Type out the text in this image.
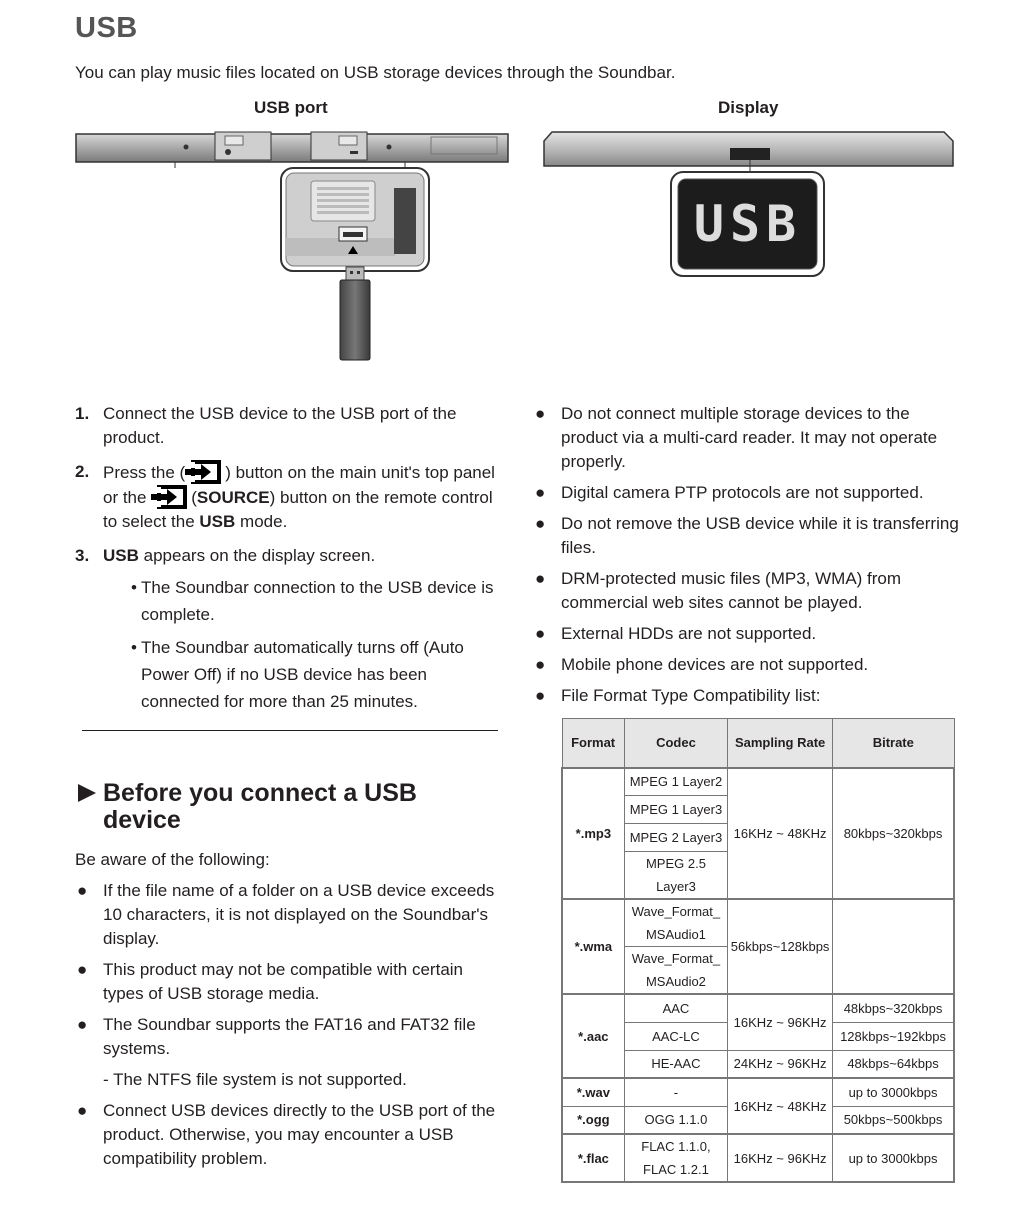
USB
You can play music files located on USB storage devices through the Soundbar.
USB port	Display
USB
1. Connect the USB device to the USB port of the product.
2. Press the ( ) button on the main unit's top panel or the	(SOURCE) button on the remote control to select the USB mode.
3. USB appears on the display screen.
• The Soundbar connection to the USB device is complete.
• The Soundbar automatically turns off (Auto Power Off) if no USB device has been connected for more than 25 minutes.
Before you connect a USB device
Be aware of the following:
● If the file name of a folder on a USB device exceeds 10 characters, it is not displayed on the Soundbar's display.
● This product may not be compatible with certain types of USB storage media.
● The Soundbar supports the FAT16 and FAT32 file systems.
- The NTFS file system is not supported.
● Connect USB devices directly to the USB port of the product. Otherwise, you may encounter a USB compatibility problem.
● Do not connect multiple storage devices to the product via a multi-card reader. It may not operate properly.
● Digital camera PTP protocols are not supported.
● Do not remove the USB device while it is transferring files.
● DRM-protected music files (MP3, WMA) from commercial web sites cannot be played.
● External HDDs are not supported.
● Mobile phone devices are not supported.
● File Format Type Compatibility list:
Format	Codec	Sampling Rate	Bitrate
*.mp3	MPEG 1 Layer2	16KHz ~ 48KHz	80kbps~320kbps
	MPEG 1 Layer3		
	MPEG 2 Layer3		
	MPEG 2.5 Layer3		
*.wma	Wave_Format_ MSAudio1	56kbps~128kbps	
	Wave_Format_ MSAudio2		
*.aac	AAC	16KHz ~ 96KHz	48kbps~320kbps
	AAC-LC		128kbps~192kbps
	HE-AAC	24KHz ~ 96KHz	48kbps~64kbps
*.wav	-	16KHz ~ 48KHz	up to 3000kbps
*.ogg	OGG 1.1.0		50kbps~500kbps
*.flac	FLAC 1.1.0, FLAC 1.2.1	16KHz ~ 96KHz	up to 3000kbps
